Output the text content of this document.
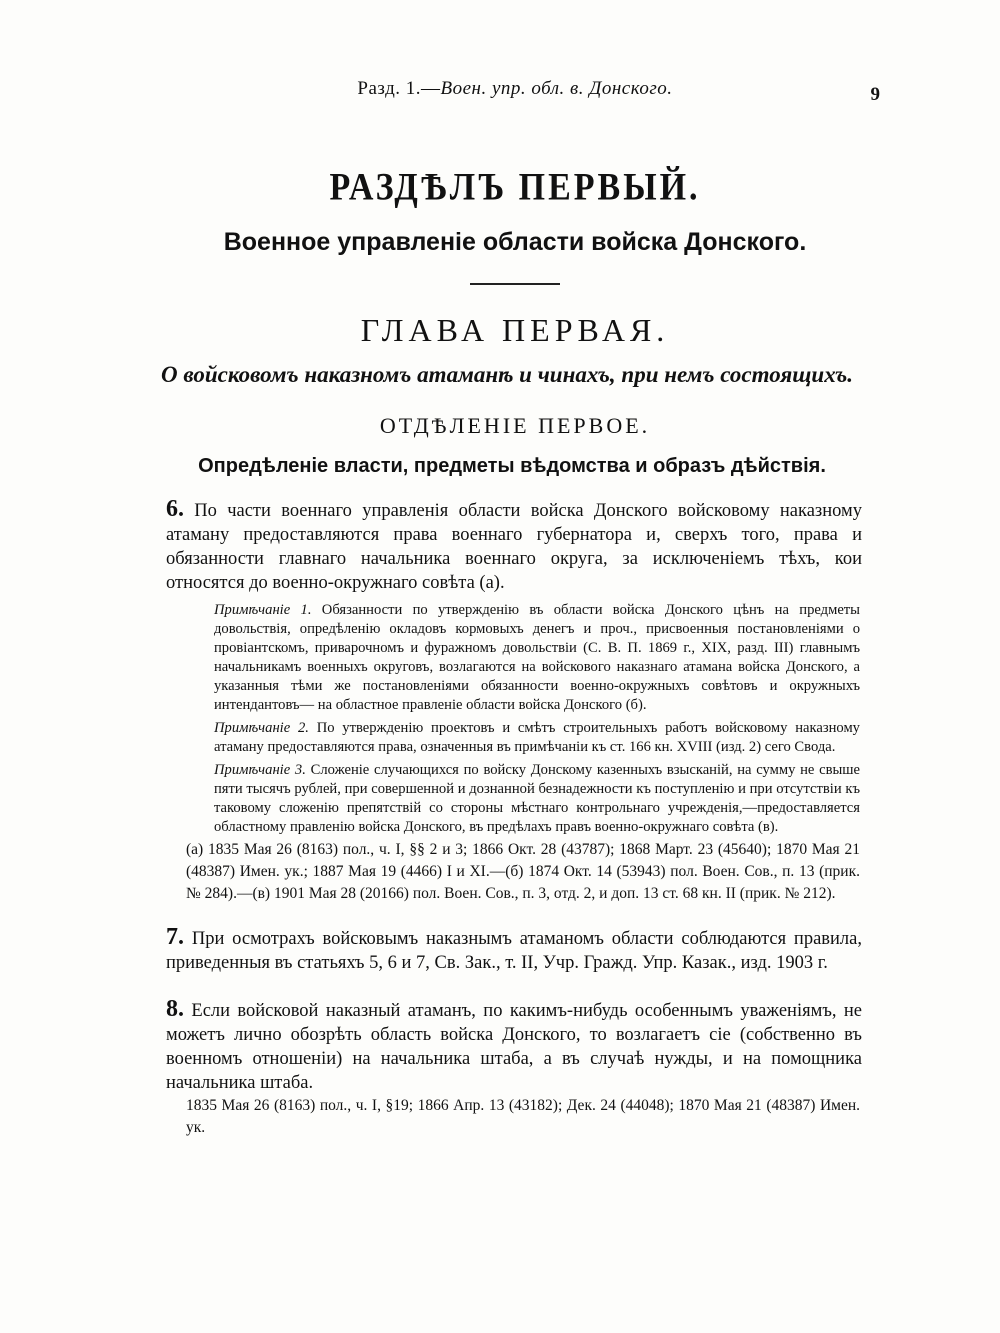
Разд. 1.—Воен. упр. обл. в. Донского.	9
РАЗДѢЛЪ ПЕРВЫЙ.
Военное управленіе области войска Донского.
ГЛАВА ПЕРВАЯ.
О войсковомъ наказномъ атаманѣ и чинахъ, при немъ состоящихъ.
ОТДѢЛЕНІЕ ПЕРВОЕ.
Опредѣленіе власти, предметы вѣдомства и образъ дѣйствія.

6. По части военнаго управленія области войска Донского войсковому наказному атаману предоставляются права военнаго губернатора и, сверхъ того, права и обязанности главнаго начальника военнаго округа, за исключеніемъ тѣхъ, кои относятся до военно-окружнаго совѣта (а).

Примѣчаніе 1. Обязанности по утвержденію въ области войска Донского цѣнъ на предметы довольствія, опредѣленію окладовъ кормовыхъ денегъ и проч., присвоенныя постановленіями о провіантскомъ, приварочномъ и фуражномъ довольствіи (С. В. П. 1869 г., XIX, разд. III) главнымъ начальникамъ военныхъ округовъ, возлагаются на войскового наказнаго атамана войска Донского, а указанныя тѣми же постановленіями обязанности военно-окружныхъ совѣтовъ и окружныхъ интендантовъ— на областное правленіе области войска Донского (б).

Примѣчаніе 2. По утвержденію проектовъ и смѣтъ строительныхъ работъ войсковому наказному атаману предоставляются права, означенныя въ примѣчаніи къ ст. 166 кн. XVIII (изд. 2) сего Свода.

Примѣчаніе 3. Сложеніе случающихся по войску Донскому казенныхъ взысканій, на сумму не свыше пяти тысячъ рублей, при совершенной и дознанной безнадежности къ поступленію и при отсутствіи къ таковому сложенію препятствій со стороны мѣстнаго контрольнаго учрежденія,—предоставляется областному правленію войска Донского, въ предѣлахъ правъ военно-окружнаго совѣта (в).

(а) 1835 Мая 26 (8163) пол., ч. I, §§ 2 и 3; 1866 Окт. 28 (43787); 1868 Март. 23 (45640); 1870 Мая 21 (48387) Имен. ук.; 1887 Мая 19 (4466) I и XI.—(б) 1874 Окт. 14 (53943) пол. Воен. Сов., п. 13 (прик. № 284).—(в) 1901 Мая 28 (20166) пол. Воен. Сов., п. 3, отд. 2, и доп. 13 ст. 68 кн. II (прик. № 212).

7. При осмотрахъ войсковымъ наказнымъ атаманомъ области соблюдаются правила, приведенныя въ статьяхъ 5, 6 и 7, Св. Зак., т. II, Учр. Гражд. Упр. Казак., изд. 1903 г.

8. Если войсковой наказный атаманъ, по какимъ-нибудь особеннымъ уваженіямъ, не можетъ лично обозрѣть область войска Донского, то возлагаетъ сіе (собственно въ военномъ отношеніи) на начальника штаба, а въ случаѣ нужды, и на помощника начальника штаба.

1835 Мая 26 (8163) пол., ч. I, §19; 1866 Апр. 13 (43182); Дек. 24 (44048); 1870 Мая 21 (48387) Имен. ук.
